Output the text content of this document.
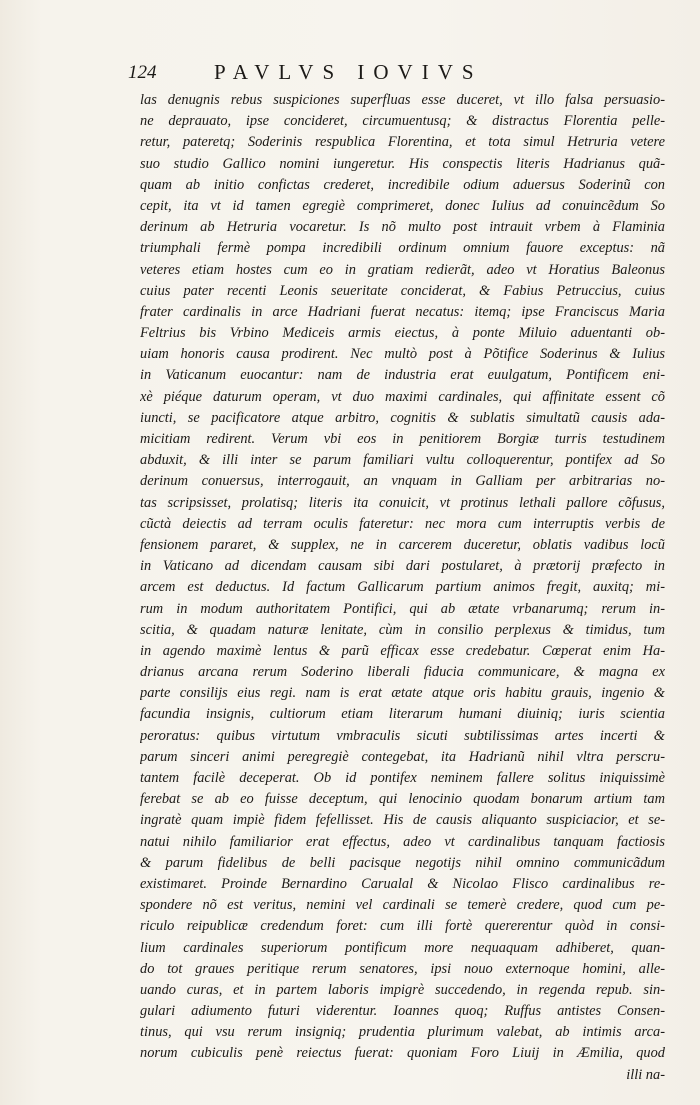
124	PAVLVS IOVIVS
las denugnis rebus suspiciones superfluas esse duceret, vt illo falsa persuasio-
ne deprauato, ipse concideret, circumuentusq; & distractus Florentia pelle-
retur, pateretq; Soderinis respublica Florentina, et tota simul Hetruria vetere
suo studio Gallico nomini iungeretur. His conspectis literis Hadrianus quã-
quam ab initio confictas crederet, incredibile odium aduersus Soderinũ con
cepit, ita vt id tamen egregiè comprimeret, donec Iulius ad conuincẽdum So
derinum ab Hetruria vocaretur. Is nõ multo post intrauit vrbem à Flaminia
triumphali fermè pompa incredibili ordinum omnium fauore exceptus: nã
veteres etiam hostes cum eo in gratiam redierãt, adeo vt Horatius Baleonus
cuius pater recenti Leonis seueritate conciderat, & Fabius Petruccius, cuius
frater cardinalis in arce Hadriani fuerat necatus: itemq; ipse Franciscus Maria
Feltrius bis Vrbino Mediceis armis eiectus, à ponte Miluio aduentanti ob-
uiam honoris causa prodirent. Nec multò post à Põtifice Soderinus & Iulius
in Vaticanum euocantur: nam de industria erat euulgatum, Pontificem eni-
xè piéque daturum operam, vt duo maximi cardinales, qui affinitate essent cõ
iuncti, se pacificatore atque arbitro, cognitis & sublatis simultatũ causis ada-
micitiam redirent. Verum vbi eos in penitiorem Borgiæ turris testudinem
abduxit, & illi inter se parum familiari vultu colloquerentur, pontifex ad So
derinum conuersus, interrogauit, an vnquam in Galliam per arbitrarias no-
tas scripsisset, prolatisq; literis ita conuicit, vt protinus lethali pallore cõfusus,
cũctà deiectis ad terram oculis fateretur: nec mora cum interruptis verbis de
fensionem pararet, & supplex, ne in carcerem duceretur, oblatis vadibus locũ
in Vaticano ad dicendam causam sibi dari postularet, à prætorij præfecto in
arcem est deductus. Id factum Gallicarum partium animos fregit, auxitq; mi-
rum in modum authoritatem Pontifici, qui ab ætate vrbanarumq; rerum in-
scitia, & quadam naturæ lenitate, cùm in consilio perplexus & timidus, tum
in agendo maximè lentus & parũ efficax esse credebatur. Cœperat enim Ha-
drianus arcana rerum Soderino liberali fiducia communicare, & magna ex
parte consilijs eius regi. nam is erat ætate atque oris habitu grauis, ingenio &
facundia insignis, cultiorum etiam literarum humani diuiniq; iuris scientia
peroratus: quibus virtutum vmbraculis sicuti subtilissimas artes incerti &
parum sinceri animi peregregiè contegebat, ita Hadrianũ nihil vltra perscru-
tantem facilè deceperat. Ob id pontifex neminem fallere solitus iniquissimè
ferebat se ab eo fuisse deceptum, qui lenocinio quodam bonarum artium tam
ingratè quam impiè fidem fefellisset. His de causis aliquanto suspiciacior, et se-
natui nihilo familiarior erat effectus, adeo vt cardinalibus tanquam factiosis
& parum fidelibus de belli pacisque negotijs nihil omnino communicãdum
existimaret. Proinde Bernardino Carualal & Nicolao Flisco cardinalibus re-
spondere nõ est veritus, nemini vel cardinali se temerè credere, quod cum pe-
riculo reipublicæ credendum foret: cum illi fortè quererentur quòd in consi-
lium cardinales superiorum pontificum more nequaquam adhiberet, quan-
do tot graues peritique rerum senatores, ipsi nouo externoque homini, alle-
uando curas, et in partem laboris impigrè succedendo, in regenda repub. sin-
gulari adiumento futuri viderentur. Ioannes quoq; Ruffus antistes Consen-
tinus, qui vsu rerum insigniq; prudentia plurimum valebat, ab intimis arca-
norum cubiculis penè reiectus fuerat: quoniam Foro Liuij in Æmilia, quod
illi na-
